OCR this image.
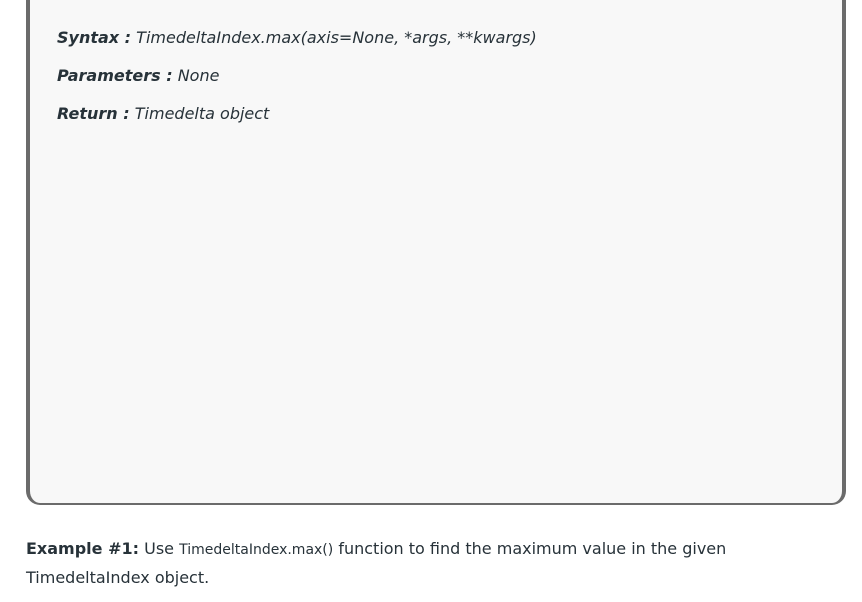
Syntax : TimedeltaIndex.max(axis=None, *args, **kwargs)
Parameters : None
Return : Timedelta object

Example #1: Use TimedeltaIndex.max() function to find the maximum value in the given TimedeltaIndex object.
